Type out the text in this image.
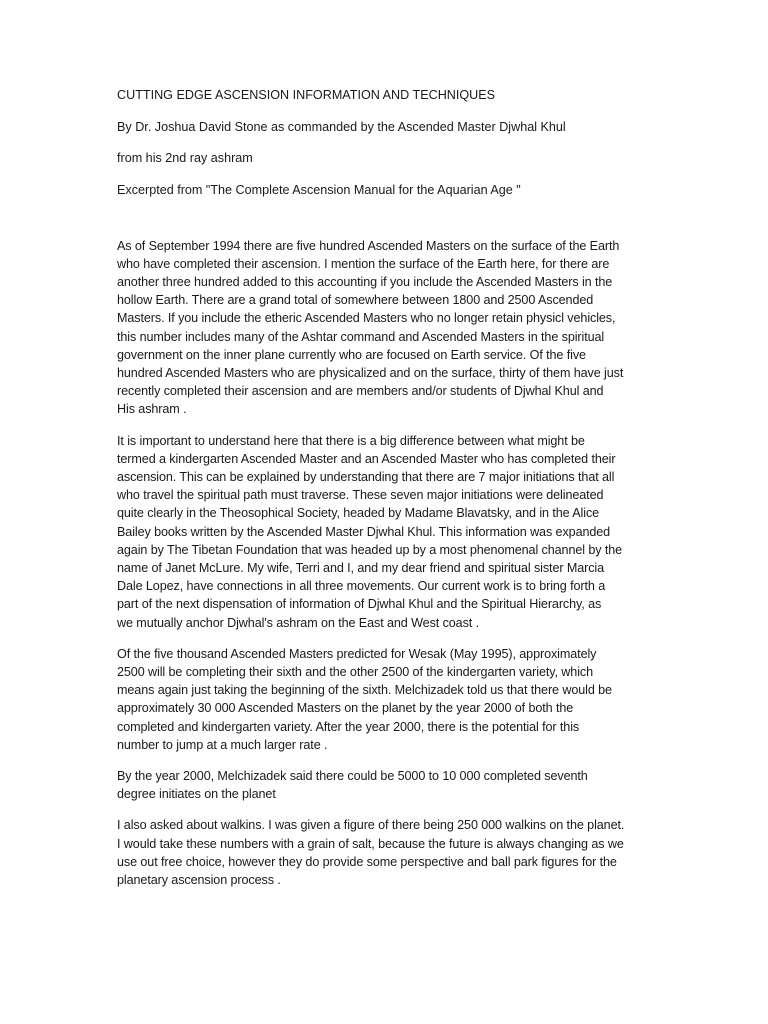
CUTTING EDGE ASCENSION INFORMATION AND TECHNIQUES

By Dr. Joshua David Stone as commanded by the Ascended Master Djwhal Khul

from his 2nd ray ashram

Excerpted from "The Complete Ascension Manual for the Aquarian Age "

As of September 1994 there are five hundred Ascended Masters on the surface of the Earth

who have completed their ascension. I mention the surface of the Earth here, for there are

another three hundred added to this accounting if you include the Ascended Masters in the

hollow Earth. There are a grand total of somewhere between 1800 and 2500 Ascended

Masters. If you include the etheric Ascended Masters who no longer retain physicl vehicles,

this number includes many of the Ashtar command and Ascended Masters in the spiritual

government on the inner plane currently who are focused on Earth service. Of the five

hundred Ascended Masters who are physicalized and on the surface, thirty of them have just

recently completed their ascension and are members and/or students of Djwhal Khul and

His ashram .

It is important to understand here that there is a big difference between what might be

termed a kindergarten Ascended Master and an Ascended Master who has completed their

ascension. This can be explained by understanding that there are 7 major initiations that all

who travel the spiritual path must traverse. These seven major initiations were delineated

quite clearly in the Theosophical Society, headed by Madame Blavatsky, and in the Alice

Bailey books written by the Ascended Master Djwhal Khul. This information was expanded

again by The Tibetan Foundation that was headed up by a most phenomenal channel by the

name of Janet McLure. My wife, Terri and I, and my dear friend and spiritual sister Marcia

Dale Lopez, have connections in all three movements. Our current work is to bring forth a

part of the next dispensation of information of Djwhal Khul and the Spiritual Hierarchy, as

we mutually anchor Djwhal's ashram on the East and West coast .

Of the five thousand Ascended Masters predicted for Wesak (May 1995), approximately

2500 will be completing their sixth and the other 2500 of the kindergarten variety, which

means again just taking the beginning of the sixth. Melchizadek told us that there would be

approximately 30 000 Ascended Masters on the planet by the year 2000 of both the

completed and kindergarten variety. After the year 2000, there is the potential for this

number to jump at a much larger rate .

By the year 2000, Melchizadek said there could be 5000 to 10 000 completed seventh

degree initiates on the planet

I also asked about walkins. I was given a figure of there being 250 000 walkins on the planet.

I would take these numbers with a grain of salt, because the future is always changing as we

use out free choice, however they do provide some perspective and ball park figures for the

planetary ascension process .
